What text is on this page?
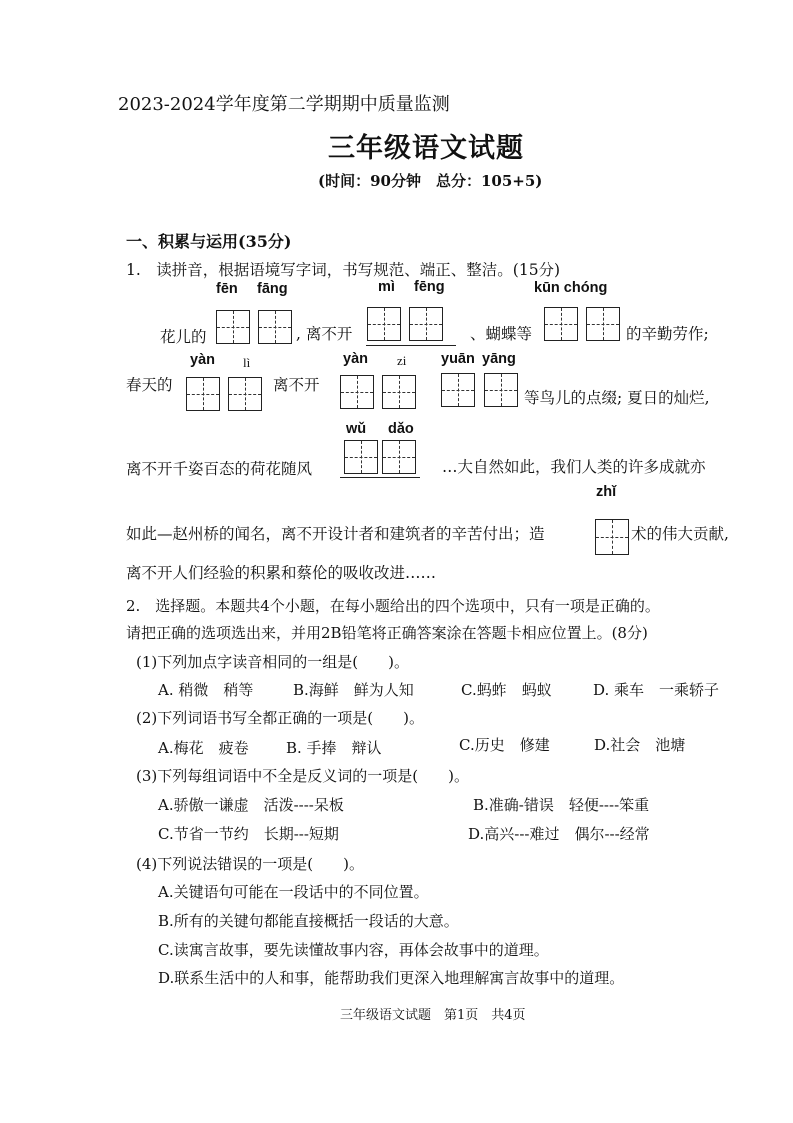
2023-2024学年度第二学期期中质量监测
三年级语文试题
(时间：90分钟　总分：105+5)
一、积累与运用(35分)
1.　读拼音，根据语境写字词，书写规范、端正、整洁。(15分)
fēn fāng	mì fēng	kūn chóng
花儿的	, 离不开	、蝴蝶等	的辛勤劳作;
yàn lì	yàn zi yuān yāng
春天的	离不开
等鸟儿的点缀; 夏日的灿烂,
wǔ dǎo
离不开千姿百态的荷花随风	…大自然如此，我们人类的许多成就亦
zhǐ
如此—赵州桥的闻名，离不开设计者和建筑者的辛苦付出；造	术的伟大贡献,
离不开人们经验的积累和蔡伦的吸收改进……
2.　选择题。本题共4个小题，在每小题给出的四个选项中，只有一项是正确的。
请把正确的选项选出来，并用2B铅笔将正确答案涂在答题卡相应位置上。(8分)
(1)下列加点字读音相同的一组是(　　)。
A. 稍微　稍等	B.海鲜　鲜为人知	C.蚂蚱　蚂蚁	D. 乘车　一乘轿子
(2)下列词语书写全都正确的一项是(　　)。
A.梅花　疲卷 B. 手捧　辩认	C.历史　修建	D.社会　池塘
(3)下列每组词语中不全是反义词的一项是(　　)。
A.骄傲一谦虚　活泼----呆板	B.准确-错误　轻便----笨重
C.节省一节约　长期---短期	D.高兴---难过　偶尔---经常
(4)下列说法错误的一项是(　　)。
A.关键语句可能在一段话中的不同位置。
B.所有的关键句都能直接概括一段话的大意。
C.读寓言故事，要先读懂故事内容，再体会故事中的道理。
D.联系生活中的人和事，能帮助我们更深入地理解寓言故事中的道理。
三年级语文试题　第1页　共4页
